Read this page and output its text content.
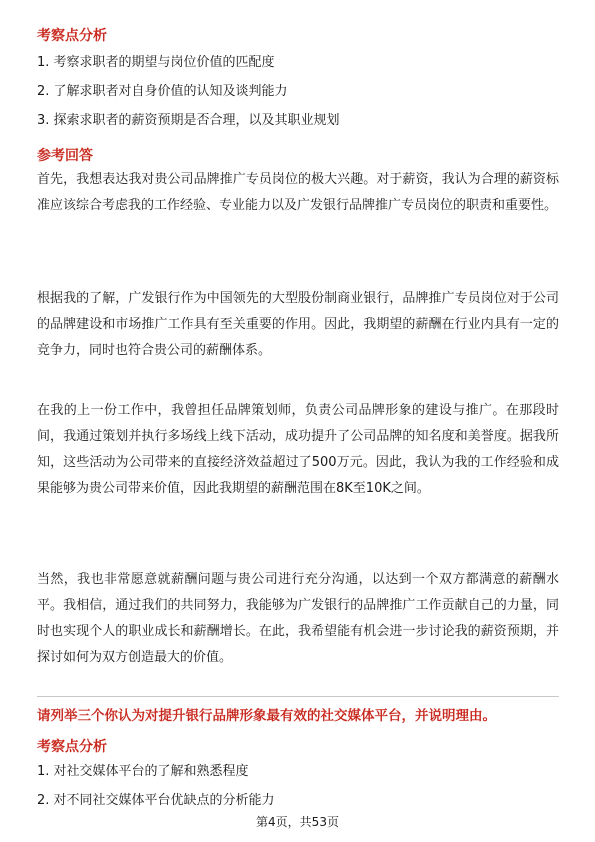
考察点分析
1. 考察求职者的期望与岗位价值的匹配度
2. 了解求职者对自身价值的认知及谈判能力
3. 探索求职者的薪资预期是否合理，以及其职业规划
参考回答
首先，我想表达我对贵公司品牌推广专员岗位的极大兴趣。对于薪资，我认为合理的薪资标准应该综合考虑我的工作经验、专业能力以及广发银行品牌推广专员岗位的职责和重要性。
根据我的了解，广发银行作为中国领先的大型股份制商业银行，品牌推广专员岗位对于公司的品牌建设和市场推广工作具有至关重要的作用。因此，我期望的薪酬在行业内具有一定的竞争力，同时也符合贵公司的薪酬体系。
在我的上一份工作中，我曾担任品牌策划师，负责公司品牌形象的建设与推广。在那段时间，我通过策划并执行多场线上线下活动，成功提升了公司品牌的知名度和美誉度。据我所知，这些活动为公司带来的直接经济效益超过了500万元。因此，我认为我的工作经验和成果能够为贵公司带来价值，因此我期望的薪酬范围在8K至10K之间。
当然，我也非常愿意就薪酬问题与贵公司进行充分沟通，以达到一个双方都满意的薪酬水平。我相信，通过我们的共同努力，我能够为广发银行的品牌推广工作贡献自己的力量，同时也实现个人的职业成长和薪酬增长。在此，我希望能有机会进一步讨论我的薪资预期，并探讨如何为双方创造最大的价值。
请列举三个你认为对提升银行品牌形象最有效的社交媒体平台，并说明理由。
考察点分析
1. 对社交媒体平台的了解和熟悉程度
2. 对不同社交媒体平台优缺点的分析能力
第4页，共53页
